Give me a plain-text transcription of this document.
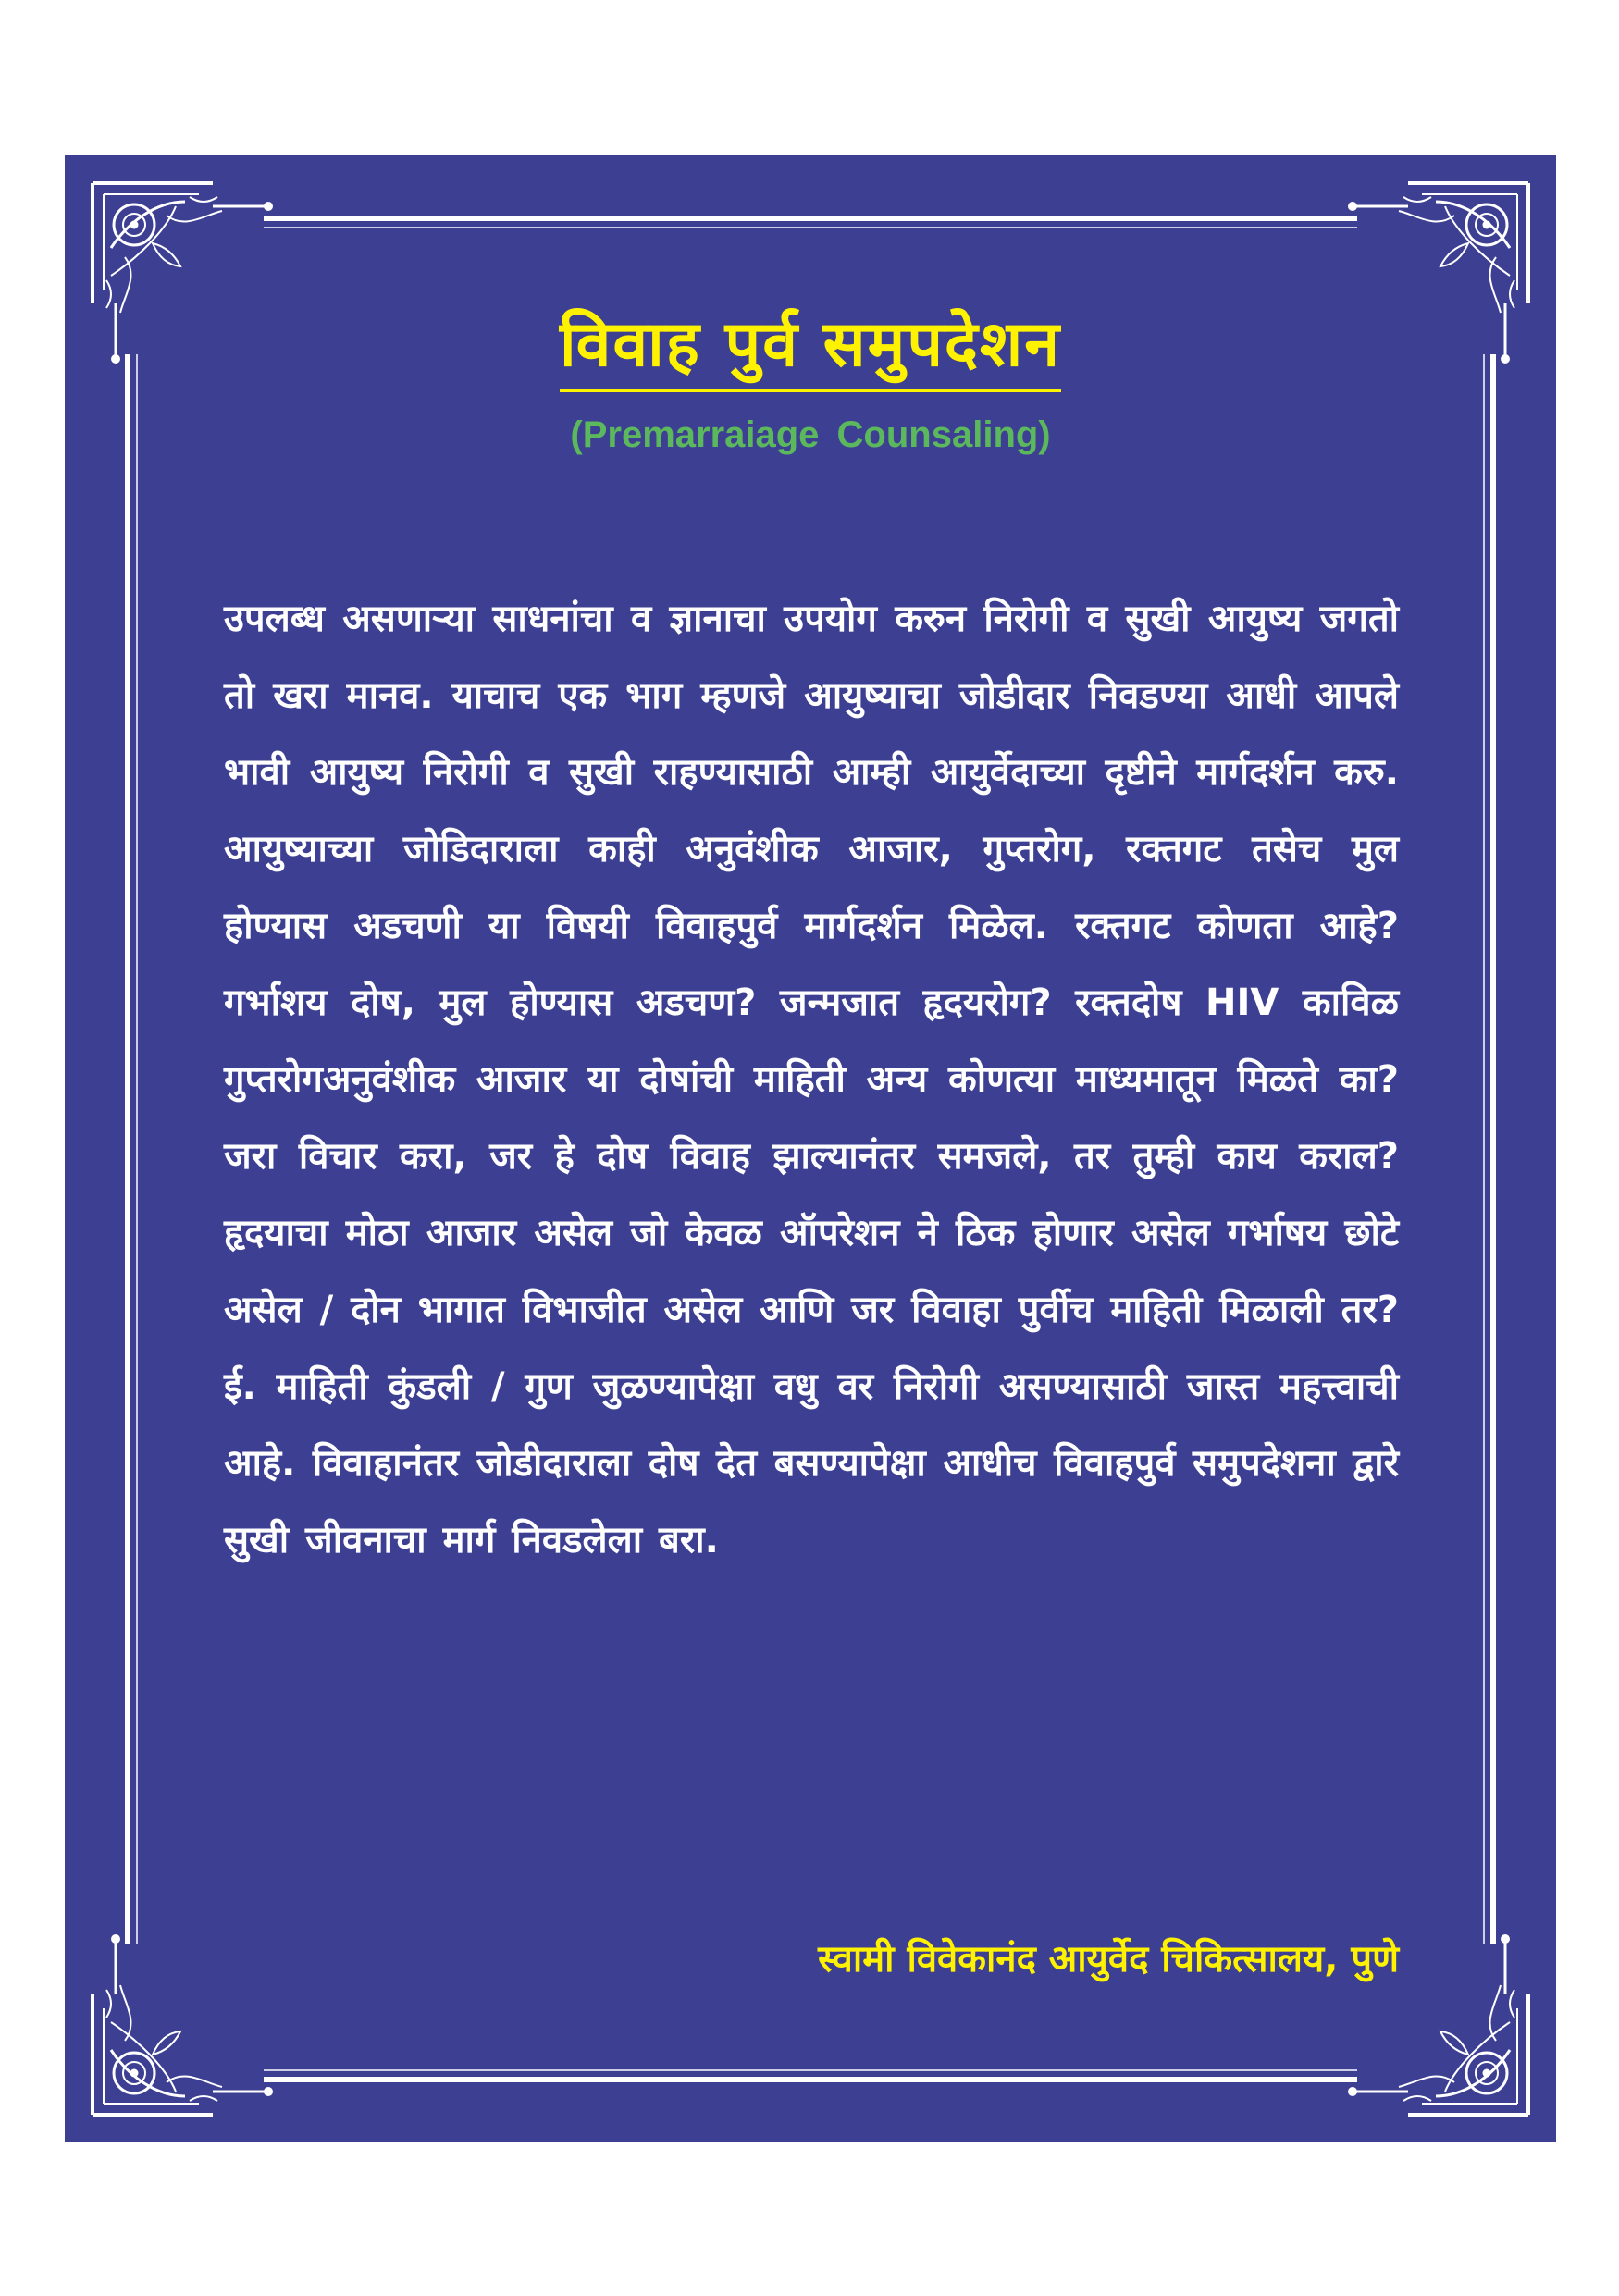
विवाह पुर्व समुपदेशन
(Premarraiage Counsaling)
उपलब्ध असणाऱ्या साधनांचा व ज्ञानाचा उपयोग करुन निरोगी व सुखी आयुष्य जगतो तो खरा मानव. याचाच एक भाग म्हणजे आयुष्याचा जोडीदार निवडण्या आधी आपले भावी आयुष्य निरोगी व सुखी राहण्यासाठी आम्ही आयुर्वेदाच्या दृष्टीने मार्गदर्शन करु. आयुष्याच्या जोडिदाराला काही अनुवंशीक आजार, गुप्तरोग, रक्तगट तसेच मुल होण्यास अडचणी या विषयी विवाहपुर्व मार्गदर्शन मिळेल. रक्तगट कोणता आहे? गर्भाशय दोष, मुल होण्यास अडचण? जन्मजात हृदयरोग? रक्तदोष HIV काविळ गुप्तरोगअनुवंशीक आजार या दोषांची माहिती अन्य कोणत्या माध्यमातून मिळते का? जरा विचार करा, जर हे दोष विवाह झाल्यानंतर समजले, तर तुम्ही काय कराल? हृदयाचा मोठा आजार असेल जो केवळ ऑपरेशन ने ठिक होणार असेल गर्भाषय छोटे असेल / दोन भागात विभाजीत असेल आणि जर विवाहा पुर्वीच माहिती मिळाली तर? ई. माहिती कुंडली / गुण जुळण्यापेक्षा वधु वर निरोगी असण्यासाठी जास्त महत्त्वाची आहे. विवाहानंतर जोडीदाराला दोष देत बसण्यापेक्षा आधीच विवाहपुर्व समुपदेशना द्वारे सुखी जीवनाचा मार्ग निवडलेला बरा.
स्वामी विवेकानंद आयुर्वेद चिकित्सालय, पुणे
